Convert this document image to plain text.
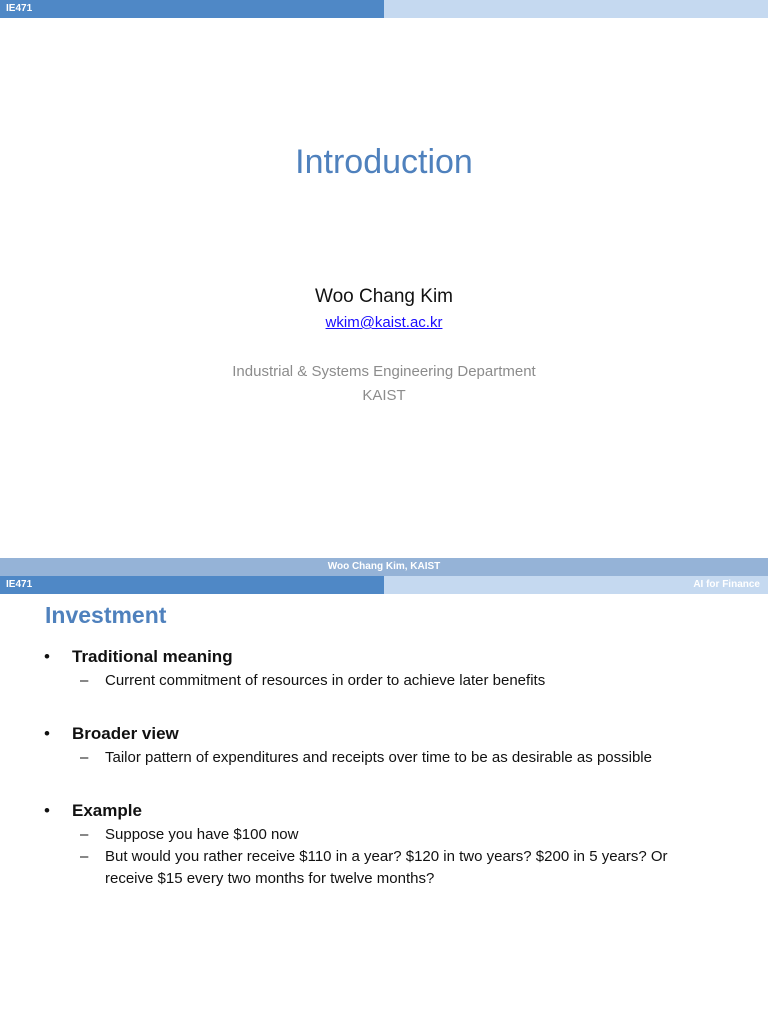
IE471
Introduction
Woo Chang Kim
wkim@kaist.ac.kr
Industrial & Systems Engineering Department
KAIST
Woo Chang Kim, KAIST
IE471	AI for Finance
Investment
• Traditional meaning
– Current commitment of resources in order to achieve later benefits
• Broader view
– Tailor pattern of expenditures and receipts over time to be as desirable as possible
• Example
– Suppose you have $100 now
– But would you rather receive $110 in a year? $120 in two years? $200 in 5 years? Or receive $15 every two months for twelve months?
